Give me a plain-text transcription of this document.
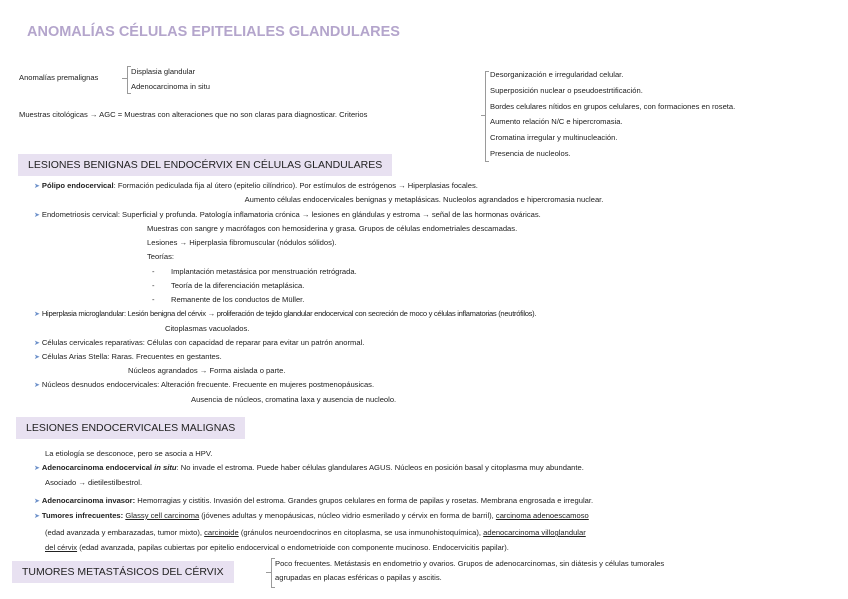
ANOMALÍAS CÉLULAS EPITELIALES GLANDULARES
Anomalías premalignas
Displasia glandular
Adenocarcinoma in situ
Muestras citológicas → AGC = Muestras con alteraciones que no son claras para diagnosticar. Criterios
Desorganización e irregularidad celular.
Superposición nuclear o pseudoestrtificación.
Bordes celulares nítidos en grupos celulares, con formaciones en roseta.
Aumento relación N/C e hipercromasia.
Cromatina irregular y multinucleación.
Presencia de nucleolos.
LESIONES BENIGNAS DEL ENDOCÉRVIX EN CÉLULAS GLANDULARES
➤ Pólipo endocervical: Formación pediculada fija al útero (epitelio cilíndrico). Por estímulos de estrógenos → Hiperplasias focales.
Aumento células endocervicales benignas y metaplásicas. Nucleolos agrandados e hipercromasia nuclear.
➤ Endometriosis cervical: Superficial y profunda. Patología inflamatoria crónica → lesiones en glándulas y estroma → señal de las hormonas ováricas.
Muestras con sangre y macrófagos con hemosiderina y grasa. Grupos de células endometriales descamadas.
Lesiones → Hiperplasia fibromuscular (nódulos sólidos).
Teorías:
- Implantación metastásica por menstruación retrógrada.
- Teoría de la diferenciación metaplásica.
- Remanente de los conductos de Müller.
➤ Hiperplasia microglandular: Lesión benigna del cérvix → proliferación de tejido glandular endocervical con secreción de moco y células inflamatorias (neutrófilos).
Citoplasmas vacuolados.
➤ Células cervicales reparativas: Células con capacidad de reparar para evitar un patrón anormal.
➤ Células Arias Stella: Raras. Frecuentes en gestantes.
Núcleos agrandados → Forma aislada o parte.
➤ Núcleos desnudos endocervicales: Alteración frecuente. Frecuente en mujeres postmenopáusicas.
Ausencia de núcleos, cromatina laxa y ausencia de nucleolo.
LESIONES ENDOCERVICALES MALIGNAS
La etiología se desconoce, pero se asocia a HPV.
➤ Adenocarcinoma endocervical in situ: No invade el estroma. Puede haber células glandulares AGUS. Núcleos en posición basal y citoplasma muy abundante.
Asociado → dietilestilbestrol.
➤ Adenocarcinoma invasor: Hemorragias y cistitis. Invasión del estroma. Grandes grupos celulares en forma de papilas y rosetas. Membrana engrosada e irregular.
➤ Tumores infrecuentes: Glassy cell carcinoma (jóvenes adultas y menopáusicas, núcleo vidrio esmerilado y cérvix en forma de barril), carcinoma adenoescamoso
(edad avanzada y embarazadas, tumor mixto), carcinoide (gránulos neuroendocrinos en citoplasma, se usa inmunohistoquímica), adenocarcinoma villoglandular
del cérvix (edad avanzada, papilas cubiertas por epitelio endocervical o endometrioide con componente mucinoso. Endocervicitis papilar).
TUMORES METASTÁSICOS DEL CÉRVIX
Poco frecuentes. Metástasis en endometrio y ovarios. Grupos de adenocarcinomas, sin diátesis y células tumorales
agrupadas en placas esféricas o papilas y ascitis.
